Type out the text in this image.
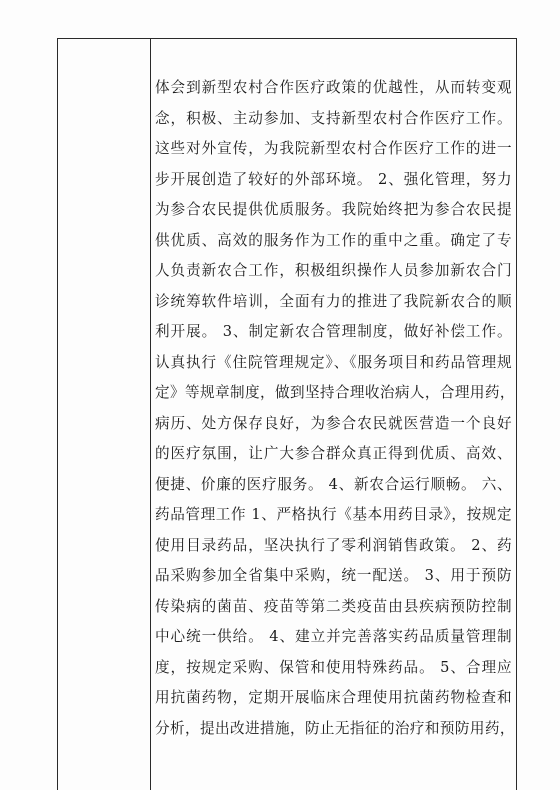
体会到新型农村合作医疗政策的优越性，从而转变观
念，积极、主动参加、支持新型农村合作医疗工作。
这些对外宣传，为我院新型农村合作医疗工作的进一
步开展创造了较好的外部环境。 2、强化管理，努力
为参合农民提供优质服务。我院始终把为参合农民提
供优质、高效的服务作为工作的重中之重。确定了专
人负责新农合工作，积极组织操作人员参加新农合门
诊统筹软件培训，全面有力的推进了我院新农合的顺
利开展。 3、制定新农合管理制度，做好补偿工作。
认真执行《住院管理规定》、《服务项目和药品管理规
定》等规章制度，做到坚持合理收治病人，合理用药，
病历、处方保存良好，为参合农民就医营造一个良好
的医疗氛围，让广大参合群众真正得到优质、高效、
便捷、价廉的医疗服务。 4、新农合运行顺畅。 六、
药品管理工作 1、严格执行《基本用药目录》，按规定
使用目录药品，坚决执行了零利润销售政策。 2、药
品采购参加全省集中采购，统一配送。 3、用于预防
传染病的菌苗、疫苗等第二类疫苗由县疾病预防控制
中心统一供给。 4、建立并完善落实药品质量管理制
度，按规定采购、保管和使用特殊药品。 5、合理应
用抗菌药物，定期开展临床合理使用抗菌药物检查和
分析，提出改进措施，防止无指征的治疗和预防用药，
